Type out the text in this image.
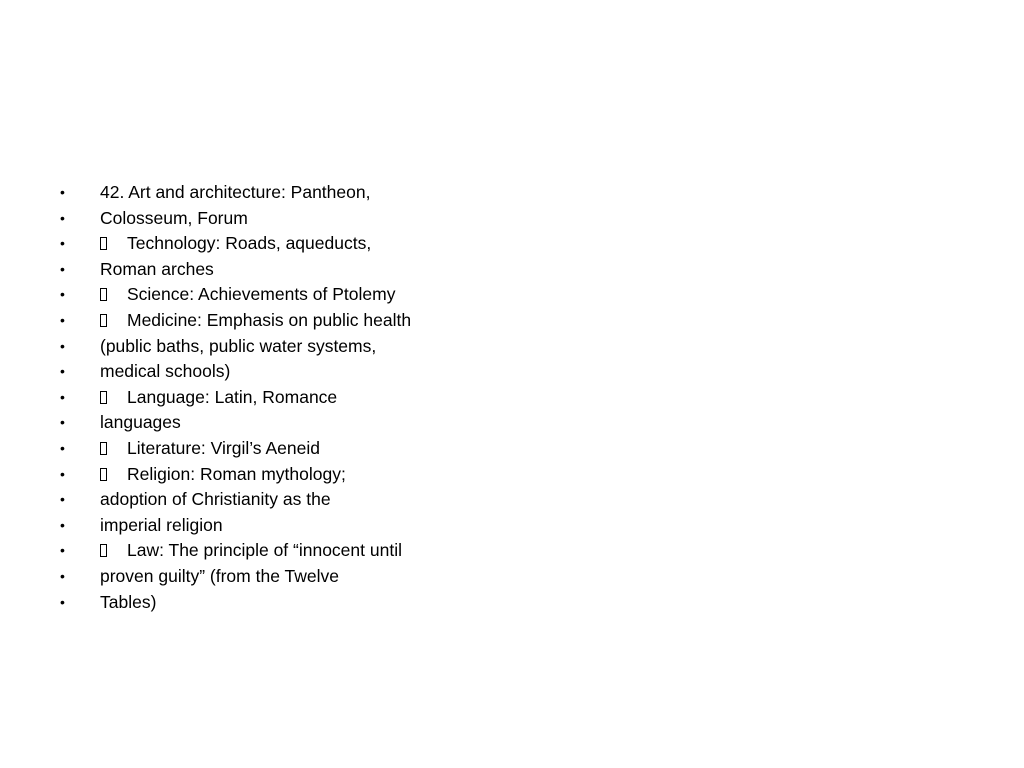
•	42. Art and architecture: Pantheon,
•	Colosseum, Forum
•	Technology: Roads, aqueducts,
•	Roman arches
•	Science: Achievements of Ptolemy
•	Medicine: Emphasis on public health
•	(public baths, public water systems,
•	medical schools)
•	Language: Latin, Romance
•	languages
•	Literature: Virgil’s Aeneid
•	Religion: Roman mythology;
•	adoption of Christianity as the
•	imperial religion
•	Law: The principle of “innocent until
•	proven guilty” (from the Twelve
•	Tables)
